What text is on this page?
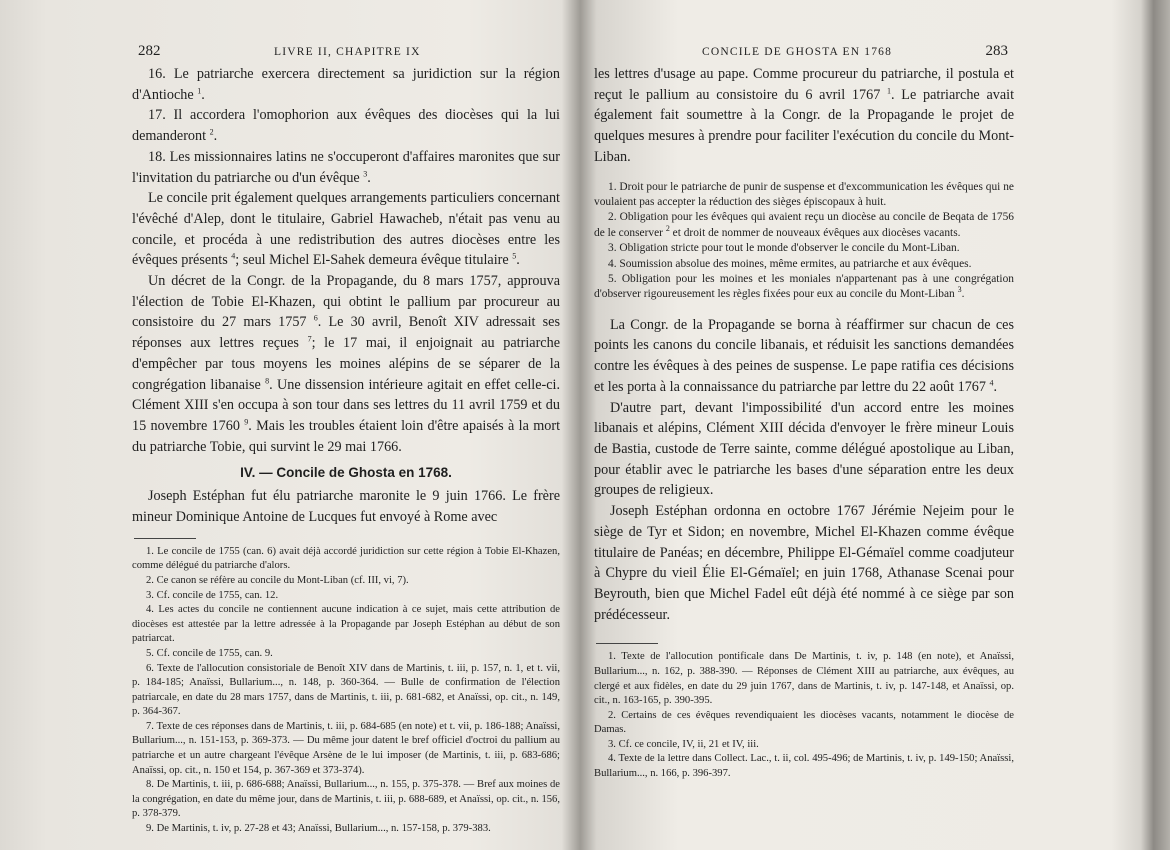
282	LIVRE II, CHAPITRE IX

16. Le patriarche exercera directement sa juridiction sur la région d'Antioche $^1$.

17. Il accordera l'omophorion aux évêques des diocèses qui la lui demanderont $^2$.

18. Les missionnaires latins ne s'occuperont d'affaires maronites que sur l'invitation du patriarche ou d'un évêque $^3$.

Le concile prit également quelques arrangements particuliers concernant l'évêché d'Alep, dont le titulaire, Gabriel Hawacheb, n'était pas venu au concile, et procéda à une redistribution des autres diocèses entre les évêques présents $^4$; seul Michel El-Sahek demeura évêque titulaire $^5$.

Un décret de la Congr. de la Propagande, du 8 mars 1757, approuva l'élection de Tobie El-Khazen, qui obtint le pallium par procureur au consistoire du 27 mars 1757 $^6$. Le 30 avril, Benoît XIV adressait ses réponses aux lettres reçues $^7$; le 17 mai, il enjoignait au patriarche d'empêcher par tous moyens les moines alépins de se séparer de la congrégation libanaise $^8$. Une dissension intérieure agitait en effet celle-ci. Clément XIII s'en occupa à son tour dans ses lettres du 11 avril 1759 et du 15 novembre 1760 $^9$. Mais les troubles étaient loin d'être apaisés à la mort du patriarche Tobie, qui survint le 29 mai 1766.

IV. — Concile de Ghosta en 1768.

Joseph Estéphan fut élu patriarche maronite le 9 juin 1766. Le frère mineur Dominique Antoine de Lucques fut envoyé à Rome avec

1. Le concile de 1755 (can. 6) avait déjà accordé juridiction sur cette région à Tobie El-Khazen, comme délégué du patriarche d'alors.

2. Ce canon se réfère au concile du Mont-Liban (cf. III, vi, 7).

3. Cf. concile de 1755, can. 12.

4. Les actes du concile ne contiennent aucune indication à ce sujet, mais cette attribution de diocèses est attestée par la lettre adressée à la Propagande par Joseph Estéphan au début de son patriarcat.

5. Cf. concile de 1755, can. 9.

6. Texte de l'allocution consistoriale de Benoît XIV dans de Martinis, t. iii, p. 157, n. 1, et t. vii, p. 184-185; Anaïssi, Bullarium..., n. 148, p. 360-364. — Bulle de confirmation de l'élection patriarcale, en date du 28 mars 1757, dans de Martinis, t. iii, p. 681-682, et Anaïssi, op. cit., n. 149, p. 364-367.

7. Texte de ces réponses dans de Martinis, t. iii, p. 684-685 (en note) et t. vii, p. 186-188; Anaïssi, Bullarium..., n. 151-153, p. 369-373. — Du même jour datent le bref officiel d'octroi du pallium au patriarche et un autre chargeant l'évêque Arsène de le lui imposer (de Martinis, t. iii, p. 683-686; Anaïssi, op. cit., n. 150 et 154, p. 367-369 et 373-374).

8. De Martinis, t. iii, p. 686-688; Anaïssi, Bullarium..., n. 155, p. 375-378. — Bref aux moines de la congrégation, en date du même jour, dans de Martinis, t. iii, p. 688-689, et Anaïssi, op. cit., n. 156, p. 378-379.

9. De Martinis, t. iv, p. 27-28 et 43; Anaïssi, Bullarium..., n. 157-158, p. 379-383.

CONCILE DE GHOSTA EN 1768	283

les lettres d'usage au pape. Comme procureur du patriarche, il postula et reçut le pallium au consistoire du 6 avril 1767 $^1$. Le patriarche avait également fait soumettre à la Congr. de la Propagande le projet de quelques mesures à prendre pour faciliter l'exécution du concile du Mont-Liban.

1. Droit pour le patriarche de punir de suspense et d'excommunication les évêques qui ne voulaient pas accepter la réduction des sièges épiscopaux à huit.

2. Obligation pour les évêques qui avaient reçu un diocèse au concile de Beqata de 1756 de le conserver $^2$ et droit de nommer de nouveaux évêques aux diocèses vacants.

3. Obligation stricte pour tout le monde d'observer le concile du Mont-Liban.

4. Soumission absolue des moines, même ermites, au patriarche et aux évêques.

5. Obligation pour les moines et les moniales n'appartenant pas à une congrégation d'observer rigoureusement les règles fixées pour eux au concile du Mont-Liban $^3$.

La Congr. de la Propagande se borna à réaffirmer sur chacun de ces points les canons du concile libanais, et réduisit les sanctions demandées contre les évêques à des peines de suspense. Le pape ratifia ces décisions et les porta à la connaissance du patriarche par lettre du 22 août 1767 $^4$.

D'autre part, devant l'impossibilité d'un accord entre les moines libanais et alépins, Clément XIII décida d'envoyer le frère mineur Louis de Bastia, custode de Terre sainte, comme délégué apostolique au Liban, pour établir avec le patriarche les bases d'une séparation entre les deux groupes de religieux.

Joseph Estéphan ordonna en octobre 1767 Jérémie Nejeim pour le siège de Tyr et Sidon; en novembre, Michel El-Khazen comme évêque titulaire de Panéas; en décembre, Philippe El-Gémaïel comme coadjuteur à Chypre du vieil Élie El-Gémaïel; en juin 1768, Athanase Scenai pour Beyrouth, bien que Michel Fadel eût déjà été nommé à ce siège par son prédécesseur.

1. Texte de l'allocution pontificale dans De Martinis, t. iv, p. 148 (en note), et Anaïssi, Bullarium..., n. 162, p. 388-390. — Réponses de Clément XIII au patriarche, aux évêques, au clergé et aux fidèles, en date du 29 juin 1767, dans de Martinis, t. iv, p. 147-148, et Anaïssi, op. cit., n. 163-165, p. 390-395.

2. Certains de ces évêques revendiquaient les diocèses vacants, notamment le diocèse de Damas.

3. Cf. ce concile, IV, ii, 21 et IV, iii.

4. Texte de la lettre dans Collect. Lac., t. ii, col. 495-496; de Martinis, t. iv, p. 149-150; Anaïssi, Bullarium..., n. 166, p. 396-397.
